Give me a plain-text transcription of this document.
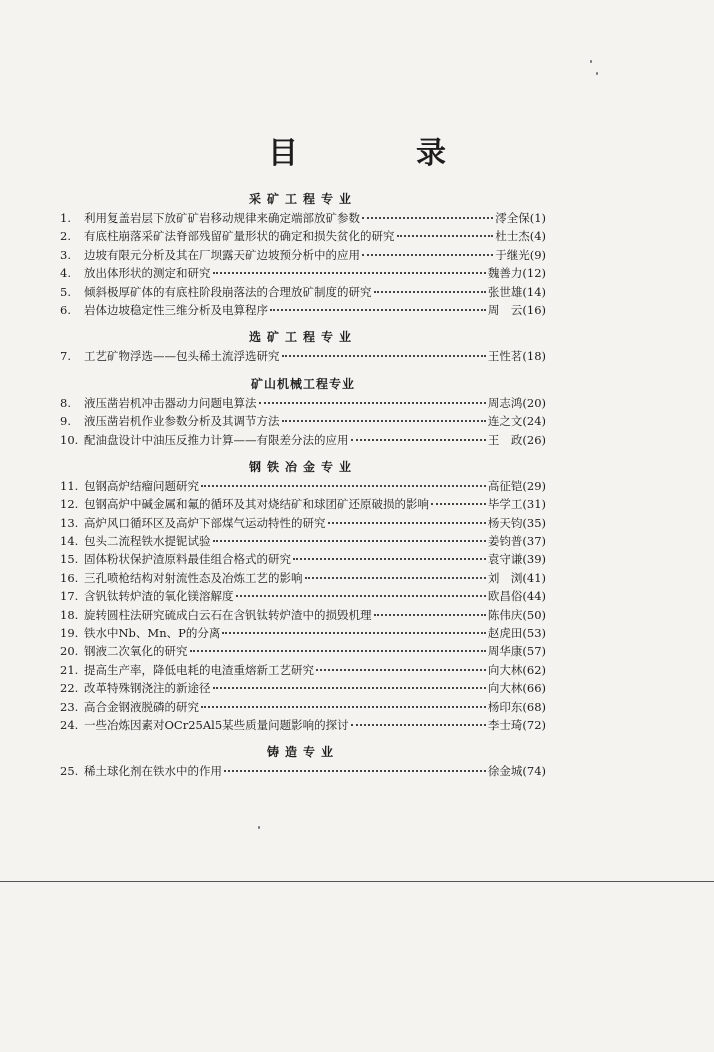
目　录
采矿工程专业
1.	利用复盖岩层下放矿矿岩移动规律来确定端部放矿参数	澪全保 (1)
2.	有底柱崩落采矿法脊部残留矿量形状的确定和损失贫化的研究	杜士杰 (4)
3.	边坡有限元分析及其在厂坝露天矿边坡预分析中的应用	于继光 (9)
4.	放出体形状的测定和研究	魏善力 (12)
5.	倾斜极厚矿体的有底柱阶段崩落法的合理放矿制度的研究	张世雄 (14)
6.	岩体边坡稳定性三维分析及电算程序	周　云 (16)
选矿工程专业
7.	工艺矿物浮选——包头稀土流浮选研究	王性茗 (18)
矿山机械工程专业
8.	液压凿岩机冲击器动力问题电算法	周志鸿 (20)
9.	液压凿岩机作业参数分析及其调节方法	连之文 (24)
10. 配油盘设计中油压反推力计算——有限差分法的应用	王　政 (26)
钢铁冶金专业
11. 包钢高炉结瘤问题研究	高征铠 (29)
12. 包钢高炉中碱金属和氟的循环及其对烧结矿和球团矿还原破损的影响	毕学工 (31)
13. 高炉风口循环区及高炉下部煤气运动特性的研究	杨天钧 (35)
14. 包头二流程铁水提铌试验	姜钧普 (37)
15. 固体粉状保护渣原料最佳组合格式的研究	袁守谦 (39)
16. 三孔喷枪结构对射流性态及冶炼工艺的影响	刘　浏 (41)
17. 含钒钛转炉渣的氧化镁溶解度	欧昌俗 (44)
18. 旋转圆柱法研究硫成白云石在含钒钛转炉渣中的损毁机理	陈伟庆 (50)
19. 铁水中Nb、Mn、P的分离	赵虎田 (53)
20. 钢液二次氧化的研究	周华康 (57)
21. 提高生产率，降低电耗的电渣重熔新工艺研究	向大林 (62)
22. 改革特殊钢浇注的新途径	向大林 (66)
23. 高合金钢液脱磷的研究	杨印东 (68)
24. 一些冶炼因素对OCr25Al5某些质量问题影响的探讨	李士琦 (72)
铸造专业
25. 稀土球化剂在铁水中的作用	徐金城 (74)
